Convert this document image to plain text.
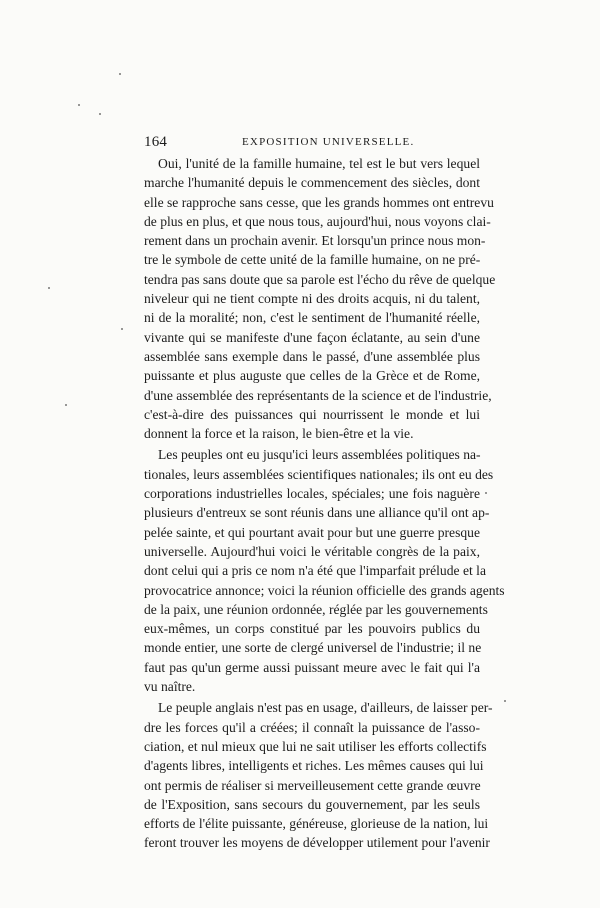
164	EXPOSITION UNIVERSELLE.

Oui, l'unité de la famille humaine, tel est le but vers lequel
marche l'humanité depuis le commencement des siècles, dont
elle se rapproche sans cesse, que les grands hommes ont entrevu
de plus en plus, et que nous tous, aujourd'hui, nous voyons clai-
rement dans un prochain avenir. Et lorsqu'un prince nous mon-
tre le symbole de cette unité de la famille humaine, on ne pré-
tendra pas sans doute que sa parole est l'écho du rêve de quelque
niveleur qui ne tient compte ni des droits acquis, ni du talent,
ni de la moralité; non, c'est le sentiment de l'humanité réelle,
vivante qui se manifeste d'une façon éclatante, au sein d'une
assemblée sans exemple dans le passé, d'une assemblée plus
puissante et plus auguste que celles de la Grèce et de Rome,
d'une assemblée des représentants de la science et de l'industrie,
c'est-à-dire des puissances qui nourrissent le monde et lui
donnent la force et la raison, le bien-être et la vie.

Les peuples ont eu jusqu'ici leurs assemblées politiques na-
tionales, leurs assemblées scientifiques nationales; ils ont eu des
corporations industrielles locales, spéciales; une fois naguère
plusieurs d'entreux se sont réunis dans une alliance qu'il ont ap-
pelée sainte, et qui pourtant avait pour but une guerre presque
universelle. Aujourd'hui voici le véritable congrès de la paix,
dont celui qui a pris ce nom n'a été que l'imparfait prélude et la
provocatrice annonce; voici la réunion officielle des grands agents
de la paix, une réunion ordonnée, réglée par les gouvernements
eux-mêmes, un corps constitué par les pouvoirs publics du
monde entier, une sorte de clergé universel de l'industrie; il ne
faut pas qu'un germe aussi puissant meure avec le fait qui l'a
vu naître.

Le peuple anglais n'est pas en usage, d'ailleurs, de laisser per-
dre les forces qu'il a créées; il connaît la puissance de l'asso-
ciation, et nul mieux que lui ne sait utiliser les efforts collectifs
d'agents libres, intelligents et riches. Les mêmes causes qui lui
ont permis de réaliser si merveilleusement cette grande œuvre
de l'Exposition, sans secours du gouvernement, par les seuls
efforts de l'élite puissante, généreuse, glorieuse de la nation, lui
feront trouver les moyens de développer utilement pour l'avenir
